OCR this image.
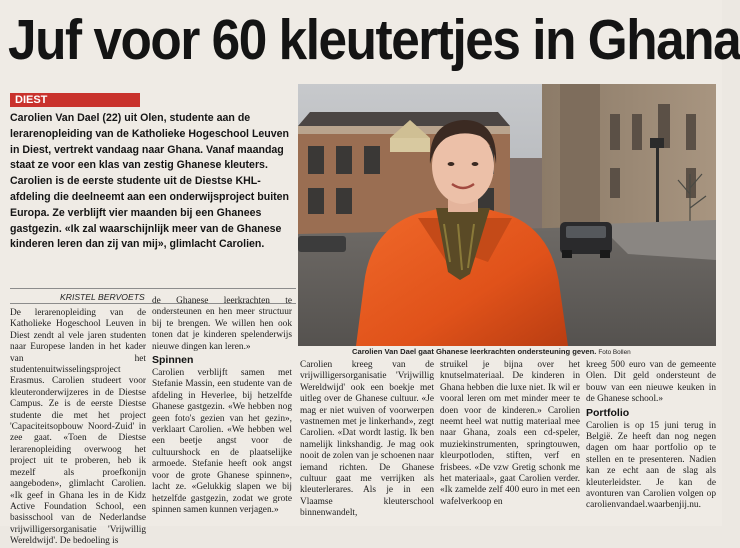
Juf voor 60 kleutertjes in Ghana
DIEST
Carolien Van Dael (22) uit Olen, studente aan de lerarenopleiding van de Katholieke Hogeschool Leuven in Diest, vertrekt vandaag naar Ghana. Vanaf maandag staat ze voor een klas van zestig Ghanese kleuters. Carolien is de eerste studente uit de Diestse KHL-afdeling die deelneemt aan een onderwijsproject buiten Europa. Ze verblijft vier maanden bij een Ghanees gastgezin. «Ik zal waarschijnlijk meer van de Ghanese kinderen leren dan zij van mij», glimlacht Carolien.
KRISTEL BERVOETS
Carolien Van Dael gaat Ghanese leerkrachten ondersteuning geven. Foto Bollen

De lerarenopleiding van de Katholieke Hogeschool Leuven in Diest zendt al vele jaren studenten naar Europese landen in het kader van het studentenuitwisselingsproject Erasmus. Carolien studeert voor kleuteronderwijzeres in de Diestse Campus. Ze is de eerste Diestse studente die met het project 'Capaciteitsopbouw Noord-Zuid' in zee gaat. «Toen de Diestse lerarenopleiding overwoog het project uit te proberen, heb ik mezelf als proefkonijn aangeboden», glimlacht Carolien. «Ik geef in Ghana les in de Kidz Active Foundation School, een basisschool van de Nederlandse vrijwilligersorganisatie 'Vrijwillig Wereldwijd'. De bedoeling is

de Ghanese leerkrachten te ondersteunen en hen meer structuur bij te brengen. We willen hen ook tonen dat je kinderen spelenderwijs nieuwe dingen kan leren.»

Spinnen

Carolien verblijft samen met Stefanie Massin, een studente van de afdeling in Heverlee, bij hetzelfde Ghanese gastgezin. «We hebben nog geen foto's gezien van het gezin», verklaart Carolien. «We hebben wel een beetje angst voor de cultuurshock en de plaatselijke armoede. Stefanie heeft ook angst voor de grote Ghanese spinnen», lacht ze. «Gelukkig slapen we bij hetzelfde gastgezin, zodat we grote spinnen samen kunnen verjagen.»

Carolien kreeg van de vrijwilligersorganisatie 'Vrijwillig Wereldwijd' ook een boekje met uitleg over de Ghanese cultuur. «Je mag er niet wuiven of voorwerpen vastnemen met je linkerhand», zegt Carolien. «Dat wordt lastig. Ik ben namelijk linkshandig. Je mag ook nooit de zolen van je schoenen naar iemand richten. De Ghanese cultuur gaat me verrijken als kleuterlerares. Als je in een Vlaamse kleuterschool binnenwandelt,

struikel je bijna over het knutselmateriaal. De kinderen in Ghana hebben die luxe niet. Ik wil er vooral leren om met minder meer te doen voor de kinderen.» Carolien neemt heel wat nuttig materiaal mee naar Ghana, zoals een cd-speler, muziekinstrumenten, springtouwen, kleurpotloden, stiften, verf en frisbees. «De vzw Gretig schonk me het materiaal», gaat Carolien verder. «Ik zamelde zelf 400 euro in met een wafelverkoop en

kreeg 500 euro van de gemeente Olen. Dit geld ondersteunt de bouw van een nieuwe keuken in de Ghanese school.»

Portfolio

Carolien is op 15 juni terug in België. Ze heeft dan nog negen dagen om haar portfolio op te stellen en te presenteren. Nadien kan ze echt aan de slag als kleuterleidster. Je kan de avonturen van Carolien volgen op carolienvandael.waarbenjij.nu.
